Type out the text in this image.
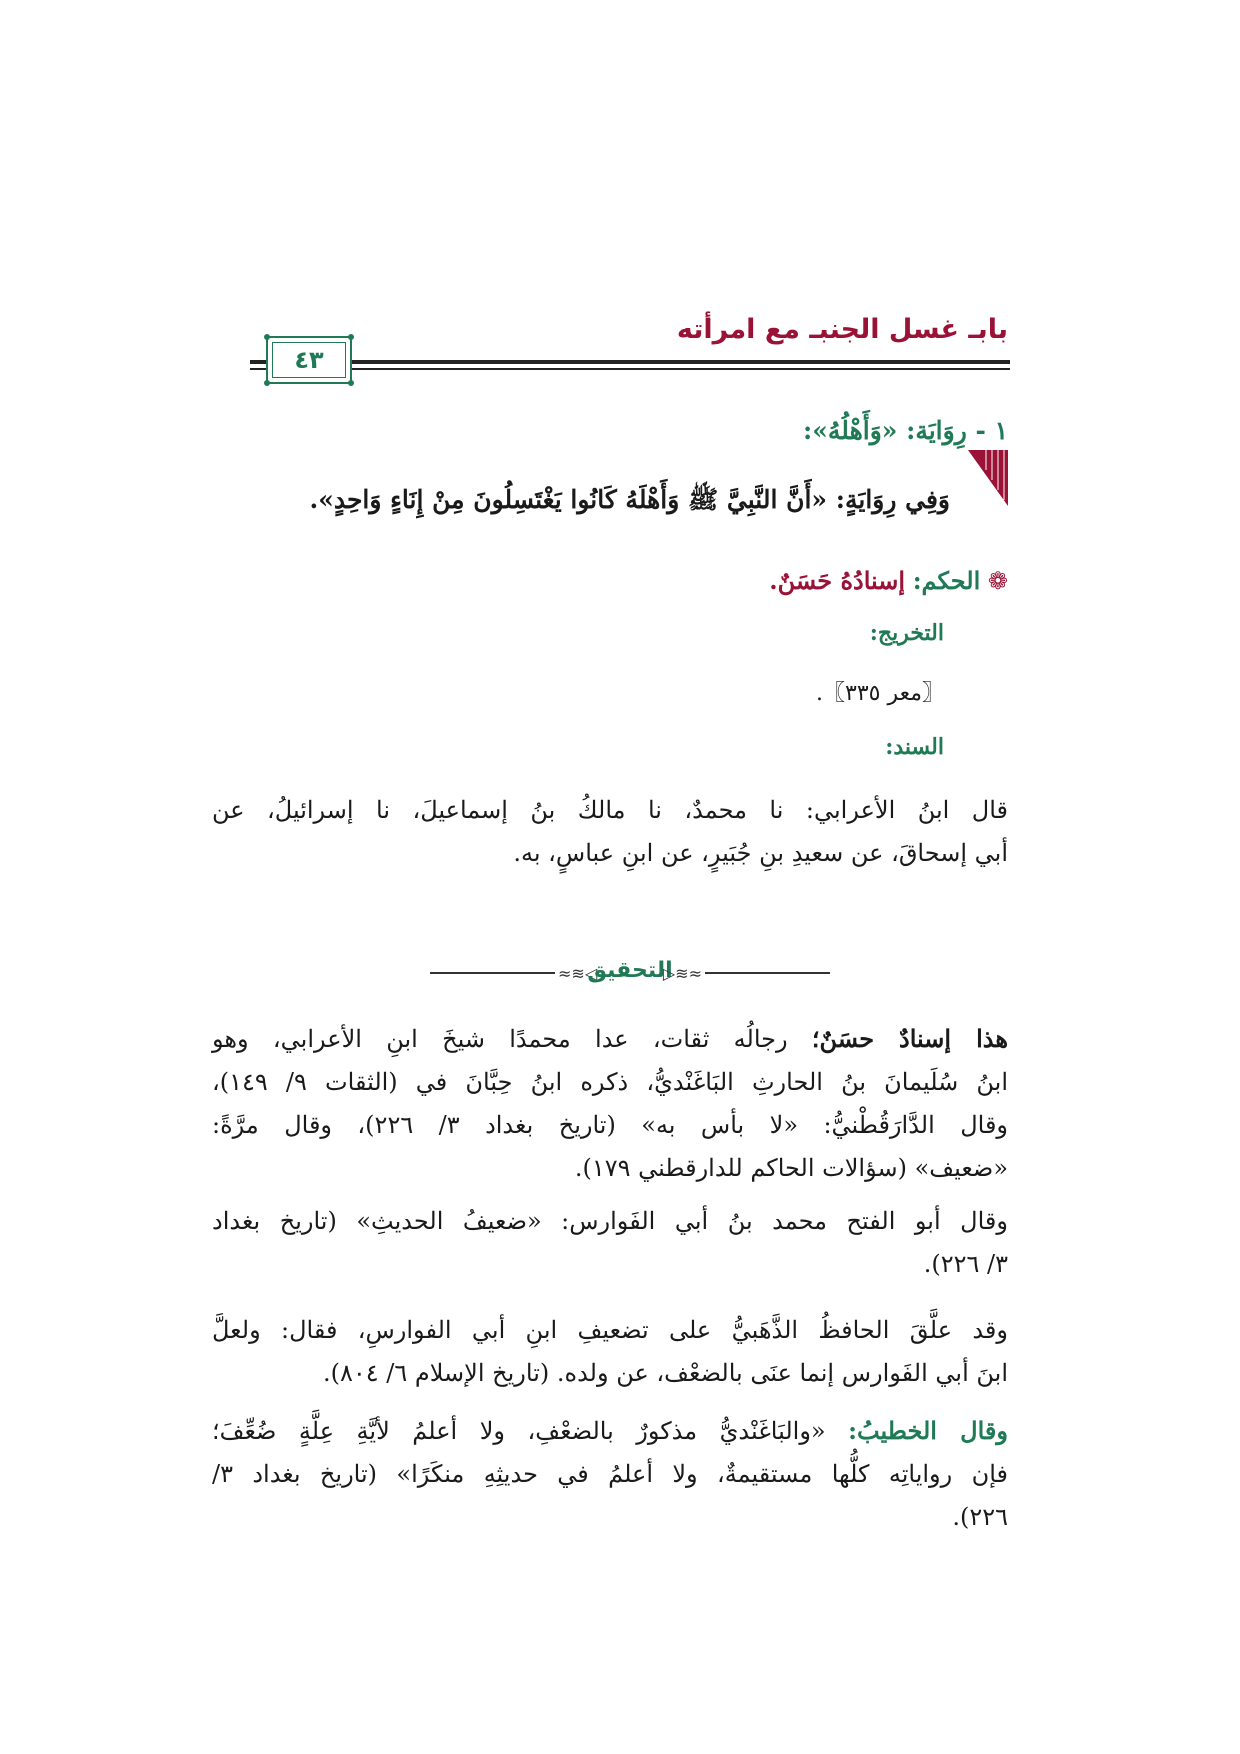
بابـ غسل الجنبـ مع امرأته
٤٣
١ - رِوَايَة: «وَأَهْلُهُ»:
وَفِي رِوَايَةٍ: «أَنَّ النَّبِيَّ ﷺ وَأَهْلَهُ كَانُوا يَغْتَسِلُونَ مِنْ إِنَاءٍ وَاحِدٍ».
❁ الحكم: إسنادُهُ حَسَنٌ.
التخريج:
〖معر ٣٣٥〗.
السند:
قال ابنُ الأعرابي: نا محمدٌ، نا مالكُ بنُ إسماعيلَ، نا إسرائيلُ، عن
أبي إسحاقَ، عن سعيدِ بنِ جُبَيرٍ، عن ابنِ عباسٍ، به.
◁≋≈
التحقيق
≈≋▷
هذا إسنادٌ حسَنٌ؛ رجالُه ثقات، عدا محمدًا شيخَ ابنِ الأعرابي، وهو
ابنُ سُلَيمانَ بنُ الحارثِ البَاغَنْديُّ، ذكره ابنُ حِبَّانَ في (الثقات ٩/ ١٤٩)،
وقال الدَّارَقُطْنيُّ: «لا بأس به» (تاريخ بغداد ٣/ ٢٢٦)، وقال مرَّةً:
«ضعيف» (سؤالات الحاكم للدارقطني ١٧٩).
وقال أبو الفتح محمد بنُ أبي الفَوارس: «ضعيفُ الحديثِ» (تاريخ بغداد
٣/ ٢٢٦).
وقد علَّقَ الحافظُ الذَّهَبيُّ على تضعيفِ ابنِ أبي الفوارسِ، فقال: ولعلَّ
ابنَ أبي الفَوارس إنما عنَى بالضعْف، عن ولده. (تاريخ الإسلام ٦/ ٨٠٤).
وقال الخطيبُ: «والبَاغَنْديُّ مذكورٌ بالضعْفِ، ولا أعلمُ لأيَّةِ عِلَّةٍ ضُعِّفَ؛
فإن رواياتِه كلُّها مستقيمةٌ، ولا أعلمُ في حديثِهِ منكَرًا» (تاريخ بغداد ٣/
٢٢٦).
